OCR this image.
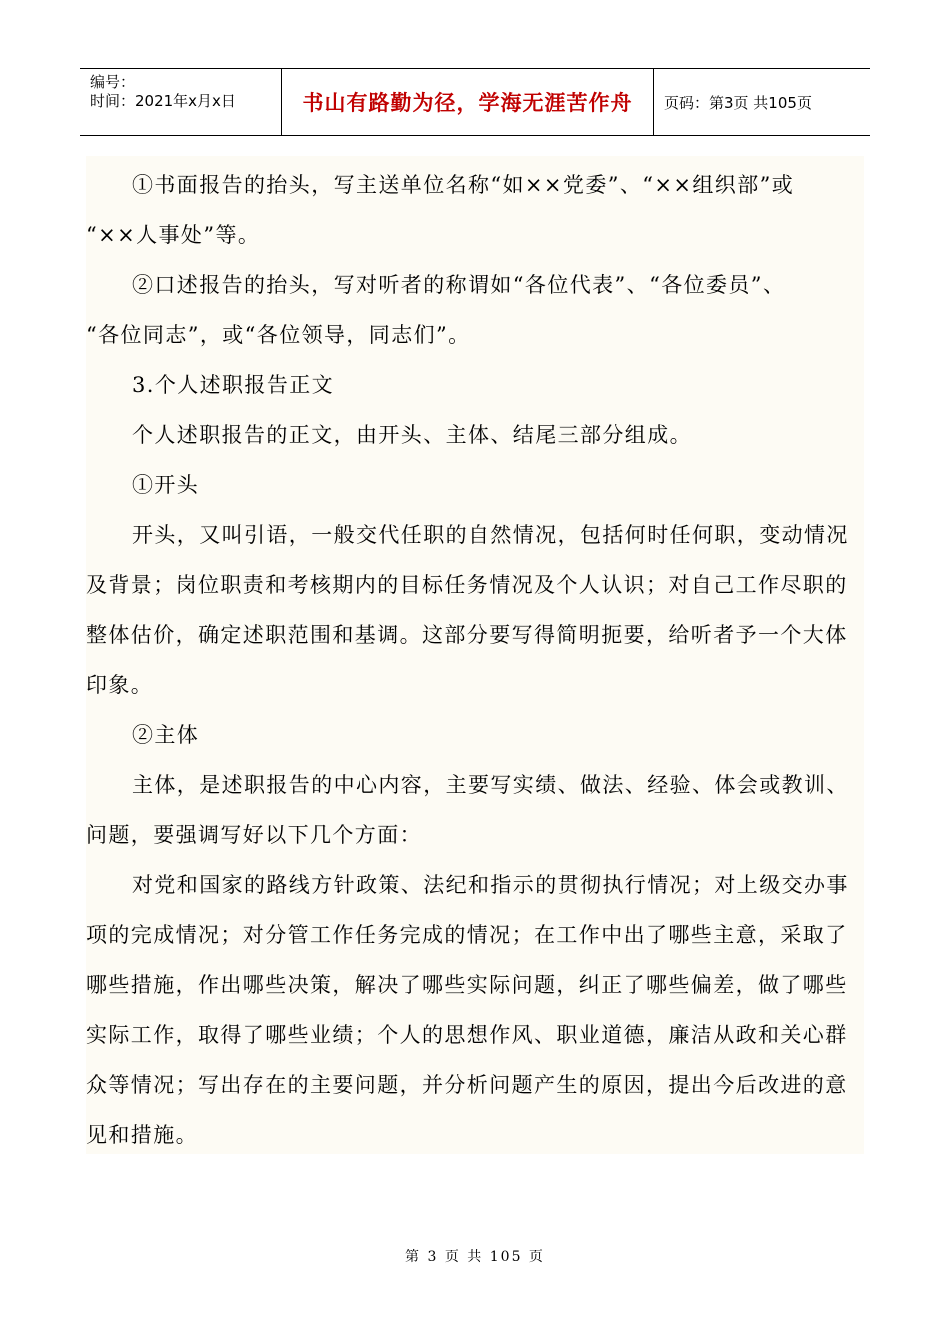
编号：
时间：2021年x月x日	书山有路勤为径，学海无涯苦作舟 页码：第3页 共105页
①书面报告的抬头，写主送单位名称“如××党委”、“××组织部”或
“××人事处”等。
②口述报告的抬头，写对听者的称谓如“各位代表”、“各位委员”、
“各位同志”，或“各位领导，同志们”。
3.个人述职报告正文
个人述职报告的正文，由开头、主体、结尾三部分组成。
①开头
开头，又叫引语，一般交代任职的自然情况，包括何时任何职，变动情况
及背景；岗位职责和考核期内的目标任务情况及个人认识；对自己工作尽职的
整体估价，确定述职范围和基调。这部分要写得简明扼要，给听者予一个大体
印象。
②主体
主体，是述职报告的中心内容，主要写实绩、做法、经验、体会或教训、
问题，要强调写好以下几个方面：
对党和国家的路线方针政策、法纪和指示的贯彻执行情况；对上级交办事
项的完成情况；对分管工作任务完成的情况；在工作中出了哪些主意，采取了
哪些措施，作出哪些决策，解决了哪些实际问题，纠正了哪些偏差，做了哪些
实际工作，取得了哪些业绩；个人的思想作风、职业道德，廉洁从政和关心群
众等情况；写出存在的主要问题，并分析问题产生的原因，提出今后改进的意
见和措施。
第 3 页 共 105 页
